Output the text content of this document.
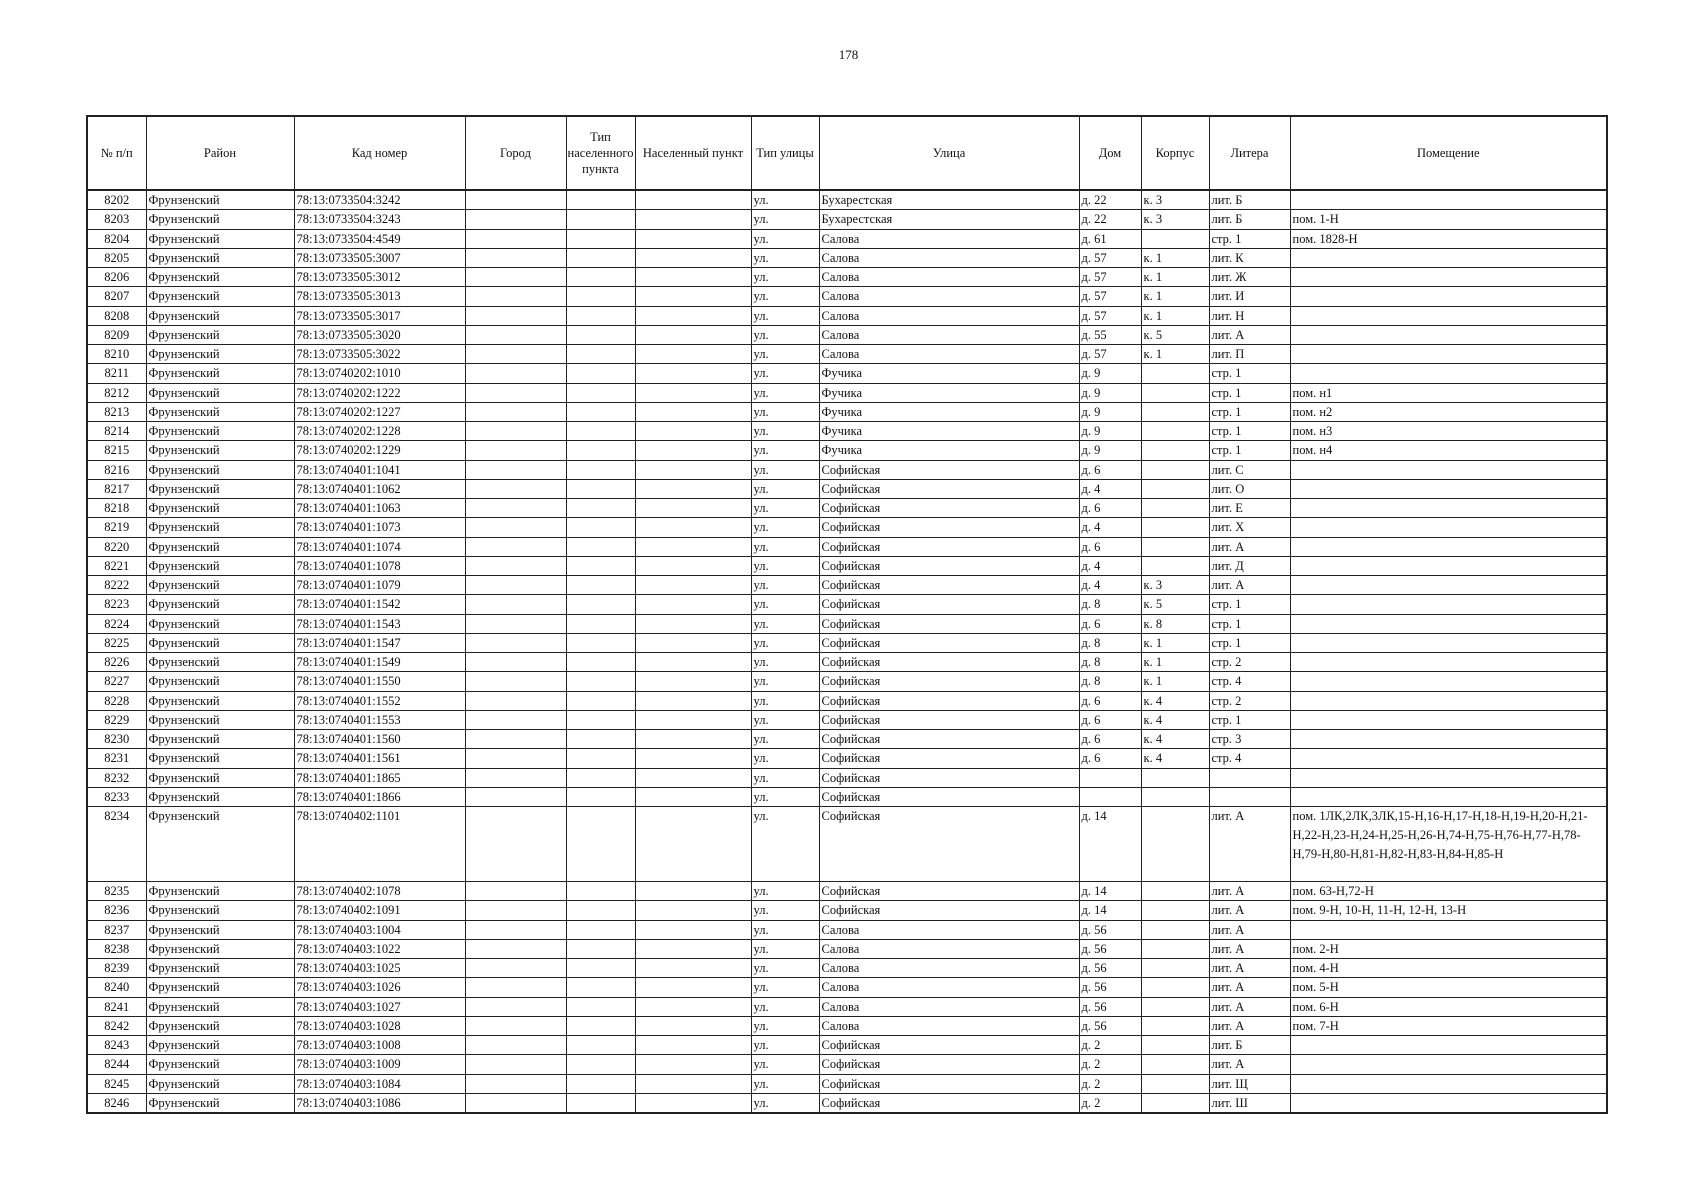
178
№ п/п	Район	Кад номер	Город	Тип населенного пункта	Населенный пункт	Тип улицы	Улица	Дом	Корпус	Литера	Помещение
8202	Фрунзенский	78:13:0733504:3242				ул.	Бухарестская	д. 22	к. 3	лит. Б	
8203	Фрунзенский	78:13:0733504:3243				ул.	Бухарестская	д. 22	к. 3	лит. Б	пом. 1-Н
8204	Фрунзенский	78:13:0733504:4549				ул.	Салова	д. 61		стр. 1	пом. 1828-Н
8205	Фрунзенский	78:13:0733505:3007				ул.	Салова	д. 57	к. 1	лит. К	
8206	Фрунзенский	78:13:0733505:3012				ул.	Салова	д. 57	к. 1	лит. Ж	
8207	Фрунзенский	78:13:0733505:3013				ул.	Салова	д. 57	к. 1	лит. И	
8208	Фрунзенский	78:13:0733505:3017				ул.	Салова	д. 57	к. 1	лит. Н	
8209	Фрунзенский	78:13:0733505:3020				ул.	Салова	д. 55	к. 5	лит. А	
8210	Фрунзенский	78:13:0733505:3022				ул.	Салова	д. 57	к. 1	лит. П	
8211	Фрунзенский	78:13:0740202:1010				ул.	Фучика	д. 9		стр. 1	
8212	Фрунзенский	78:13:0740202:1222				ул.	Фучика	д. 9		стр. 1	пом. н1
8213	Фрунзенский	78:13:0740202:1227				ул.	Фучика	д. 9		стр. 1	пом. н2
8214	Фрунзенский	78:13:0740202:1228				ул.	Фучика	д. 9		стр. 1	пом. н3
8215	Фрунзенский	78:13:0740202:1229				ул.	Фучика	д. 9		стр. 1	пом. н4
8216	Фрунзенский	78:13:0740401:1041				ул.	Софийская	д. 6		лит. С	
8217	Фрунзенский	78:13:0740401:1062				ул.	Софийская	д. 4		лит. О	
8218	Фрунзенский	78:13:0740401:1063				ул.	Софийская	д. 6		лит. Е	
8219	Фрунзенский	78:13:0740401:1073				ул.	Софийская	д. 4		лит. Х	
8220	Фрунзенский	78:13:0740401:1074				ул.	Софийская	д. 6		лит. А	
8221	Фрунзенский	78:13:0740401:1078				ул.	Софийская	д. 4		лит. Д	
8222	Фрунзенский	78:13:0740401:1079				ул.	Софийская	д. 4	к. 3	лит. А	
8223	Фрунзенский	78:13:0740401:1542				ул.	Софийская	д. 8	к. 5	стр. 1	
8224	Фрунзенский	78:13:0740401:1543				ул.	Софийская	д. 6	к. 8	стр. 1	
8225	Фрунзенский	78:13:0740401:1547				ул.	Софийская	д. 8	к. 1	стр. 1	
8226	Фрунзенский	78:13:0740401:1549				ул.	Софийская	д. 8	к. 1	стр. 2	
8227	Фрунзенский	78:13:0740401:1550				ул.	Софийская	д. 8	к. 1	стр. 4	
8228	Фрунзенский	78:13:0740401:1552				ул.	Софийская	д. 6	к. 4	стр. 2	
8229	Фрунзенский	78:13:0740401:1553				ул.	Софийская	д. 6	к. 4	стр. 1	
8230	Фрунзенский	78:13:0740401:1560				ул.	Софийская	д. 6	к. 4	стр. 3	
8231	Фрунзенский	78:13:0740401:1561				ул.	Софийская	д. 6	к. 4	стр. 4	
8232	Фрунзенский	78:13:0740401:1865				ул.	Софийская				
8233	Фрунзенский	78:13:0740401:1866				ул.	Софийская				
8234	Фрунзенский	78:13:0740402:1101				ул.	Софийская	д. 14		лит. А	пом. 1ЛК,2ЛК,3ЛК,15-Н,16-Н,17-Н,18-Н,19-Н,20-Н,21-Н,22-Н,23-Н,24-Н,25-Н,26-Н,74-Н,75-Н,76-Н,77-Н,78-Н,79-Н,80-Н,81-Н,82-Н,83-Н,84-Н,85-Н
8235	Фрунзенский	78:13:0740402:1078				ул.	Софийская	д. 14		лит. А	пом. 63-Н,72-Н
8236	Фрунзенский	78:13:0740402:1091				ул.	Софийская	д. 14		лит. А	пом. 9-Н, 10-Н, 11-Н, 12-Н, 13-Н
8237	Фрунзенский	78:13:0740403:1004				ул.	Салова	д. 56		лит. А	
8238	Фрунзенский	78:13:0740403:1022				ул.	Салова	д. 56		лит. А	пом. 2-Н
8239	Фрунзенский	78:13:0740403:1025				ул.	Салова	д. 56		лит. А	пом. 4-Н
8240	Фрунзенский	78:13:0740403:1026				ул.	Салова	д. 56		лит. А	пом. 5-Н
8241	Фрунзенский	78:13:0740403:1027				ул.	Салова	д. 56		лит. А	пом. 6-Н
8242	Фрунзенский	78:13:0740403:1028				ул.	Салова	д. 56		лит. А	пом. 7-Н
8243	Фрунзенский	78:13:0740403:1008				ул.	Софийская	д. 2		лит. Б	
8244	Фрунзенский	78:13:0740403:1009				ул.	Софийская	д. 2		лит. А	
8245	Фрунзенский	78:13:0740403:1084				ул.	Софийская	д. 2		лит. Щ	
8246	Фрунзенский	78:13:0740403:1086				ул.	Софийская	д. 2		лит. Ш	
